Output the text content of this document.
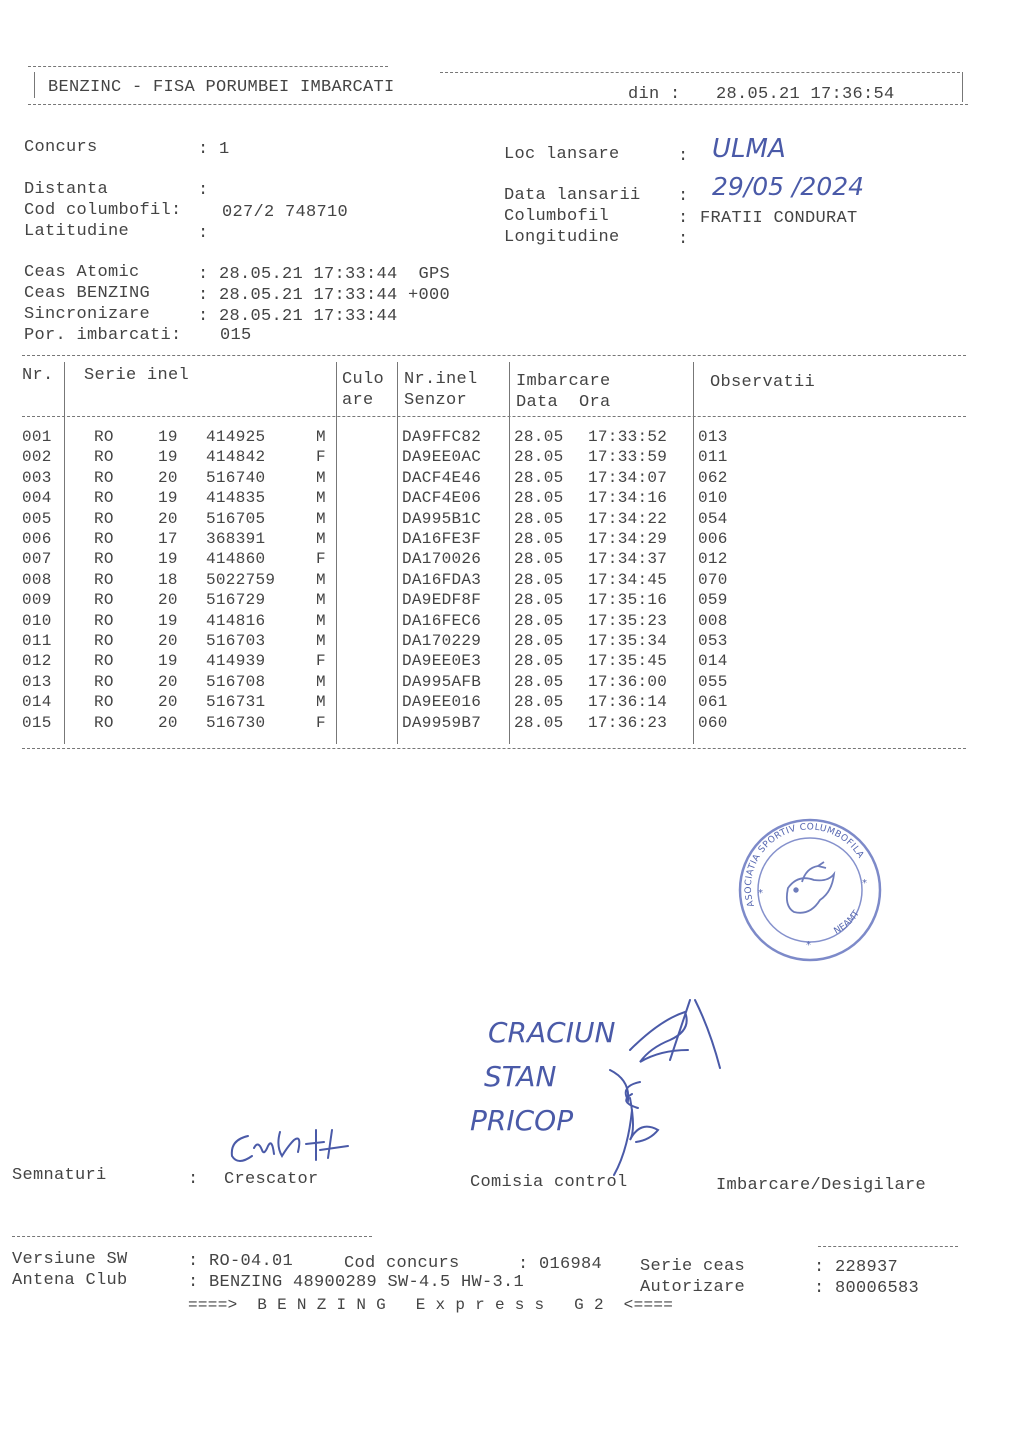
BENZINC - FISA PORUMBEI IMBARCATI	din : 28.05.21 17:36:54
Concurs	: 1
Distanta	:
Cod columbofil: 027/2 748710
Latitudine	:
Loc lansare	: ULMA
Data lansarii : 29/05 /2024
Columbofil	: FRATII CONDURAT
Longitudine	:
Ceas Atomic	: 28.05.21 17:33:44  GPS
Ceas BENZING	: 28.05.21 17:33:44 +000
Sincronizare	: 28.05.21 17:33:44
Por. imbarcati: 015
Nr. Serie inel	Culo
are
Nr.inel
Senzor
Imbarcare
Data  Ora
Observatii
001	RO	19 414925	M	DA9FFC82 28.05 17:33:52 013
002	RO	19 414842	F	DA9EE0AC 28.05 17:33:59 011
003	RO	20 516740	M	DACF4E46 28.05 17:34:07 062
004	RO	19 414835	M	DACF4E06 28.05 17:34:16 010
005	RO	20 516705	M	DA995B1C 28.05 17:34:22 054
006	RO	17 368391	M	DA16FE3F 28.05 17:34:29 006
007	RO	19 414860	F	DA170026 28.05 17:34:37 012
008	RO	18 5022759	M	DA16FDA3 28.05 17:34:45 070
009	RO	20 516729	M	DA9EDF8F 28.05 17:35:16 059
010	RO	19 414816	M	DA16FEC6 28.05 17:35:23 008
011	RO	20 516703	M	DA170229 28.05 17:35:34 053
012	RO	19 414939	F	DA9EE0E3 28.05 17:35:45 014
013	RO	20 516708	M	DA995AFB 28.05 17:36:00 055
014	RO	20 516731	M	DA9EE016 28.05 17:36:14 061
015	RO	20 516730	F	DA9959B7 28.05 17:36:23 060
ASOCIATIA SPORTIV COLUMBOFILA
NEAMT
*
*
*
CRACIUN
STAN
PRICOP
Semnaturi	: Crescator	Comisia control	Imbarcare/Desigilare
Versiune SW	: RO-04.01	Cod concurs	: 016984 Serie ceas	: 228937
Antena Club	: BENZING 48900289 SW-4.5 HW-3.1	Autorizare	: 80006583
====>  B E N Z I N G   E x p r e s s   G 2  <====
